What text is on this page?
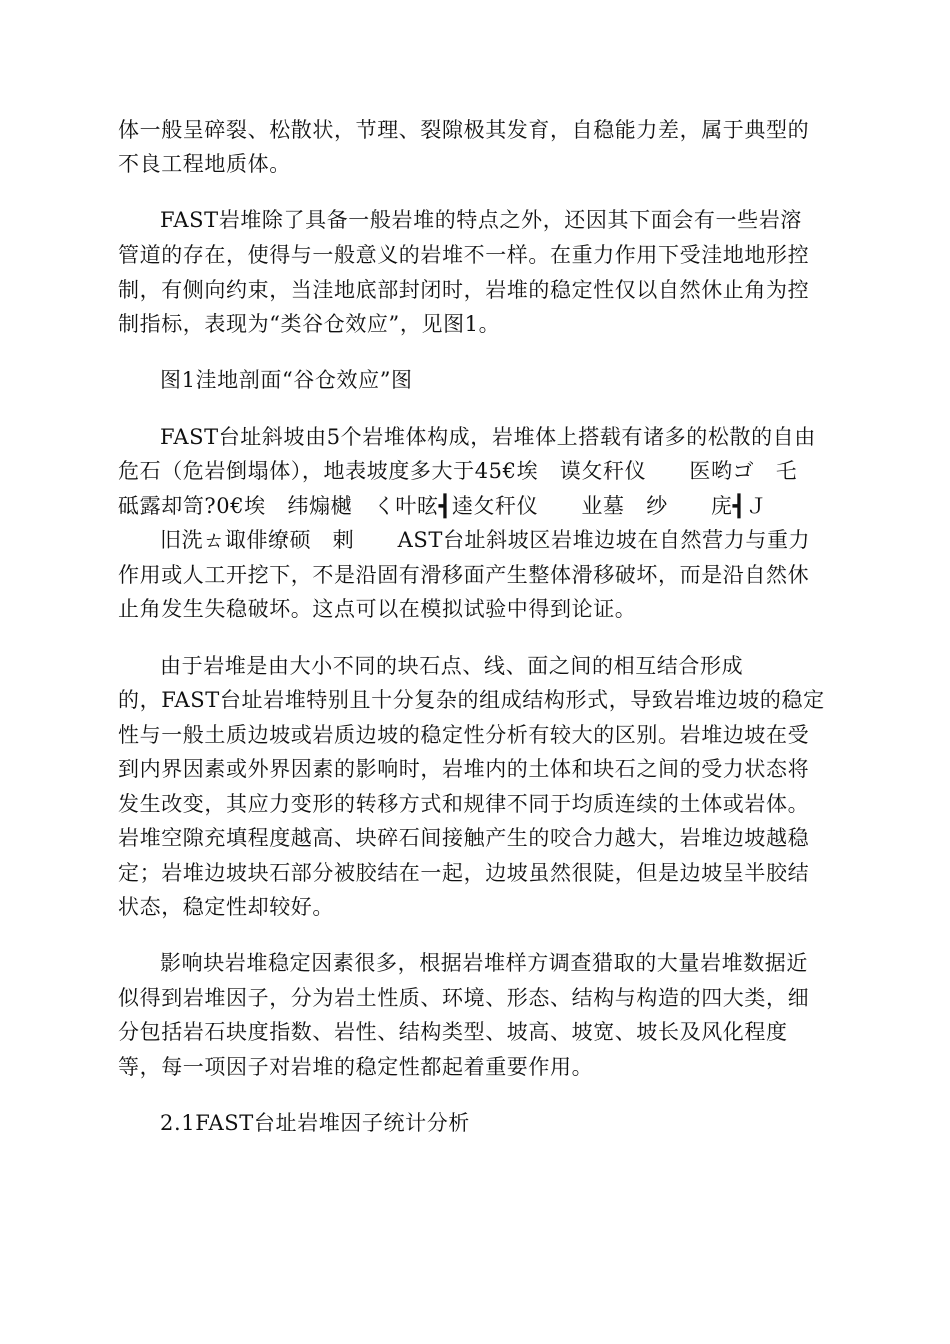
体一般呈碎裂、松散状，节理、裂隙极其发育，自稳能力差，属于典型的
不良工程地质体。
FAST岩堆除了具备一般岩堆的特点之外，还因其下面会有一些岩溶
管道的存在，使得与一般意义的岩堆不一样。在重力作用下受洼地地形控
制，有侧向约束，当洼地底部封闭时，岩堆的稳定性仅以自然休止角为控
制指标，表现为“类谷仓效应”，见图1。
图1洼地剖面“谷仓效应”图
FAST台址斜坡由5个岩堆体构成，岩堆体上搭载有诸多的松散的自由
危石（危岩倒塌体），地表坡度多大于45€埃　谟攵秆仪　　医哟ゴ　乇
砥露却笥?0€埃　纬煽樾　く叶昡┫逵攵秆仪　　业墓　纱　　庑┫Ｊ
旧洗ㄊ诹俳缭硕　剌　　AST台址斜坡区岩堆边坡在自然营力与重力
作用或人工开挖下，不是沿固有滑移面产生整体滑移破坏，而是沿自然休
止角发生失稳破坏。这点可以在模拟试验中得到论证。
由于岩堆是由大小不同的块石点、线、面之间的相互结合形成
的，FAST台址岩堆特别且十分复杂的组成结构形式，导致岩堆边坡的稳定
性与一般土质边坡或岩质边坡的稳定性分析有较大的区别。岩堆边坡在受
到内界因素或外界因素的影响时，岩堆内的土体和块石之间的受力状态将
发生改变，其应力变形的转移方式和规律不同于均质连续的土体或岩体。
岩堆空隙充填程度越高、块碎石间接触产生的咬合力越大，岩堆边坡越稳
定；岩堆边坡块石部分被胶结在一起，边坡虽然很陡，但是边坡呈半胶结
状态，稳定性却较好。
影响块岩堆稳定因素很多，根据岩堆样方调查猎取的大量岩堆数据近
似得到岩堆因子，分为岩土性质、环境、形态、结构与构造的四大类，细
分包括岩石块度指数、岩性、结构类型、坡高、坡宽、坡长及风化程度
等，每一项因子对岩堆的稳定性都起着重要作用。
2.1FAST台址岩堆因子统计分析
